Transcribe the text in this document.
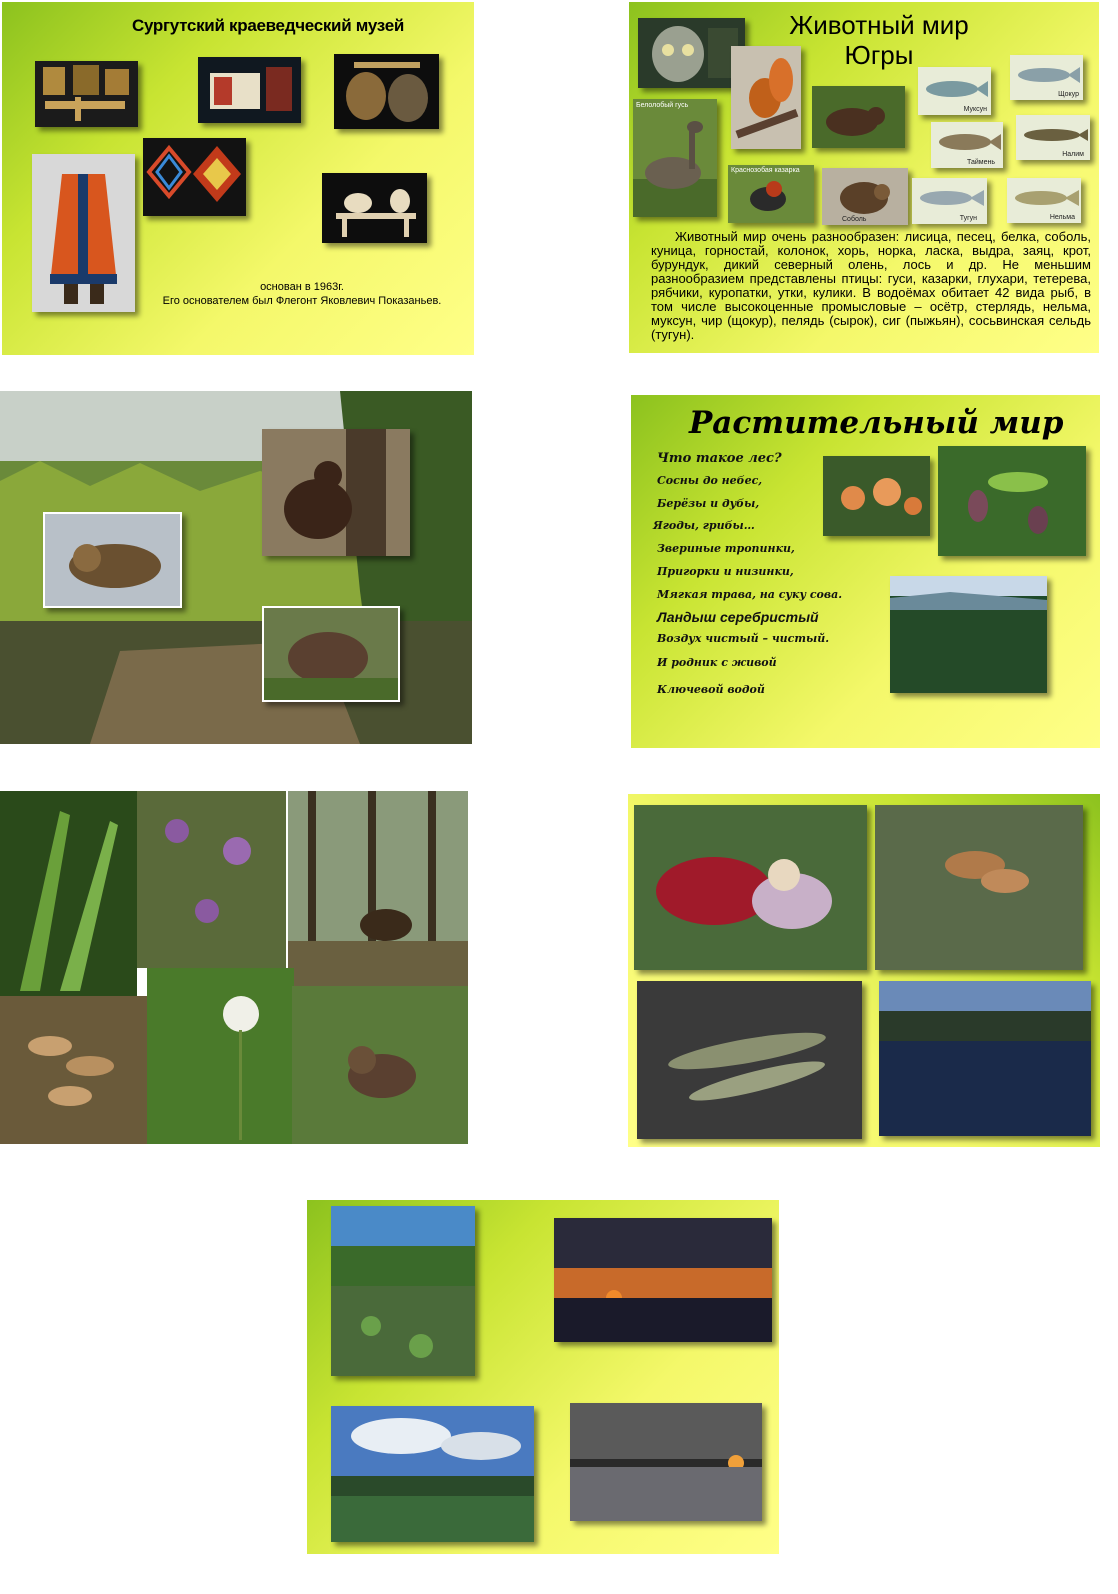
Сургутский краеведческий музей
основан в 1963г.
Его основателем был Флегонт Яковлевич Показаньев.
Животный мир
Югры
Белолобый гусь
Краснозобая казарка
Соболь
Муксун
Щокур
Таймень
Налим
Тугун	Нельма
Животный мир очень разнообразен: лисица, песец, белка, соболь, куница, горностай, колонок, хорь, норка, ласка, выдра, заяц, крот, бурундук, дикий северный олень, лось и др. Не меньшим разнообразием представлены птицы: гуси, казарки, глухари, тетерева, рябчики, куропатки, утки, кулики. В водоёмах обитает 42 вида рыб, в том числе высокоценные промысловые – осётр, стерлядь, нельма, муксун, чир (щокур), пелядь (сырок), сиг (пыжьян), сосьвинская сельдь (тугун).
Растительный мир
Что такое лес?
Сосны до небес,
Берёзы и дубы,
Ягоды, грибы…
Звериные тропинки,
Пригорки и низинки,
Мягкая трава, на суку сова.
Ландыш серебристый
Воздух чистый – чистый.
И родник с живой
Ключевой водой
